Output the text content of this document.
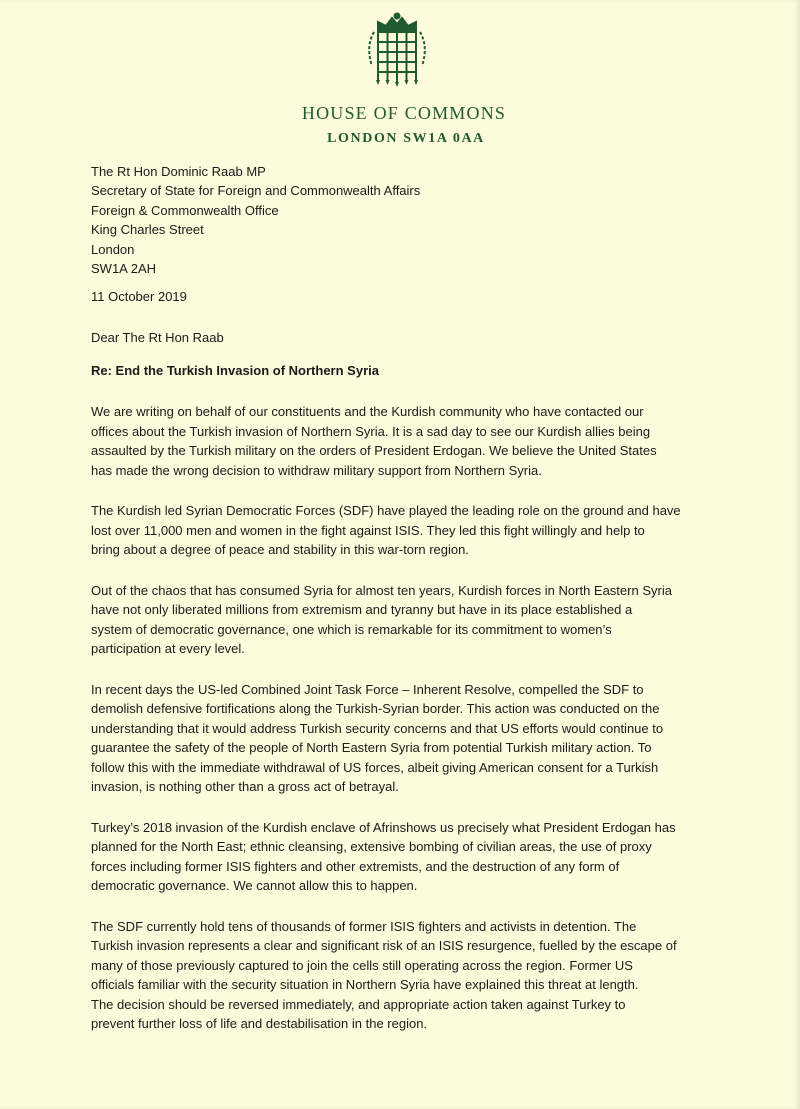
HOUSE OF COMMONS
LONDON SW1A 0AA
The Rt Hon Dominic Raab MP
Secretary of State for Foreign and Commonwealth Affairs
Foreign & Commonwealth Office
King Charles Street
London
SW1A 2AH
11 October 2019
Dear The Rt Hon Raab
Re: End the Turkish Invasion of Northern Syria

We are writing on behalf of our constituents and the Kurdish community who have contacted our
offices about the Turkish invasion of Northern Syria. It is a sad day to see our Kurdish allies being
assaulted by the Turkish military on the orders of President Erdogan. We believe the United States
has made the wrong decision to withdraw military support from Northern Syria.

The Kurdish led Syrian Democratic Forces (SDF) have played the leading role on the ground and have
lost over 11,000 men and women in the fight against ISIS. They led this fight willingly and help to
bring about a degree of peace and stability in this war-torn region.

Out of the chaos that has consumed Syria for almost ten years, Kurdish forces in North Eastern Syria
have not only liberated millions from extremism and tyranny but have in its place established a
system of democratic governance, one which is remarkable for its commitment to women’s
participation at every level.

In recent days the US-led Combined Joint Task Force – Inherent Resolve, compelled the SDF to
demolish defensive fortifications along the Turkish-Syrian border. This action was conducted on the
understanding that it would address Turkish security concerns and that US efforts would continue to
guarantee the safety of the people of North Eastern Syria from potential Turkish military action. To
follow this with the immediate withdrawal of US forces, albeit giving American consent for a Turkish
invasion, is nothing other than a gross act of betrayal.

Turkey’s 2018 invasion of the Kurdish enclave of Afrinshows us precisely what President Erdogan has
planned for the North East; ethnic cleansing, extensive bombing of civilian areas, the use of proxy
forces including former ISIS fighters and other extremists, and the destruction of any form of
democratic governance. We cannot allow this to happen.

The SDF currently hold tens of thousands of former ISIS fighters and activists in detention. The
Turkish invasion represents a clear and significant risk of an ISIS resurgence, fuelled by the escape of
many of those previously captured to join the cells still operating across the region. Former US
officials familiar with the security situation in Northern Syria have explained this threat at length.
The decision should be reversed immediately, and appropriate action taken against Turkey to
prevent further loss of life and destabilisation in the region.
